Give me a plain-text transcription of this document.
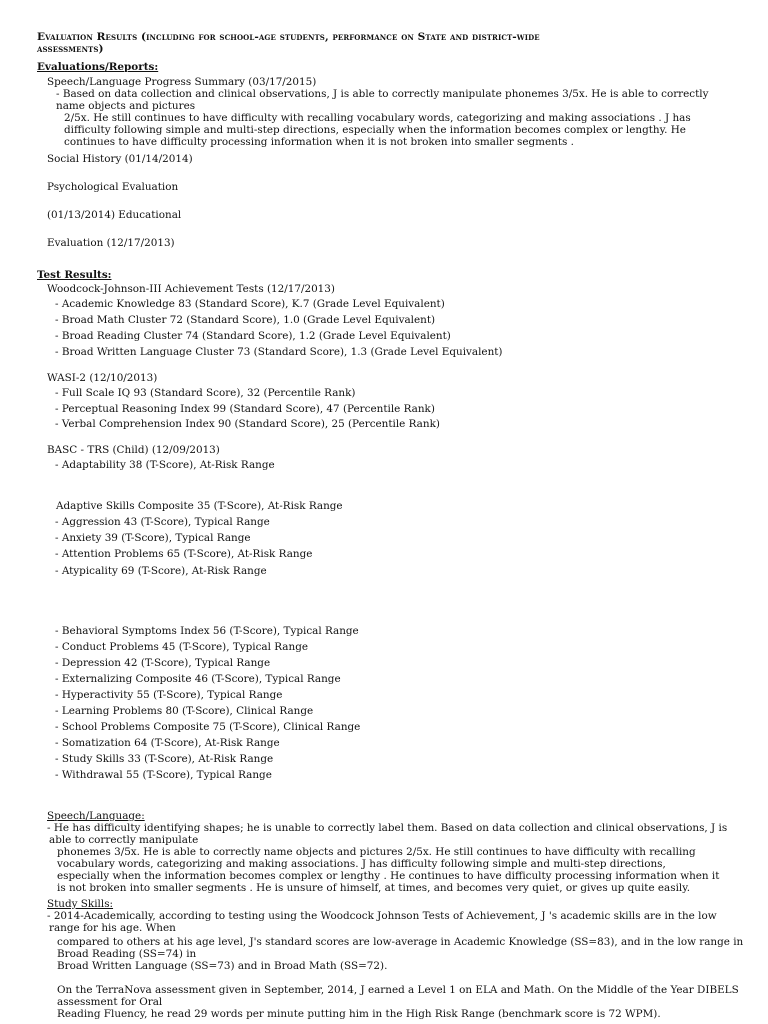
Evaluation Results (including for school-age students, performance on State and district-wide
assessments)
Evaluations/Reports:
Speech/Language Progress Summary (03/17/2015)
- Based on data collection and clinical observations, J is able to correctly manipulate phonemes 3/5x. He is able to correctly
name objects and pictures
2/5x. He still continues to have difficulty with recalling vocabulary words, categorizing and making associations . J has
difficulty following simple and multi-step directions, especially when the information becomes complex or lengthy. He
continues to have difficulty processing information when it is not broken into smaller segments .
Social History (01/14/2014)
Psychological Evaluation
(01/13/2014) Educational
Evaluation (12/17/2013)
Test Results:
Woodcock-Johnson-III Achievement Tests (12/17/2013)
- Academic Knowledge 83 (Standard Score), K.7 (Grade Level Equivalent)
- Broad Math Cluster 72 (Standard Score), 1.0 (Grade Level Equivalent)
- Broad Reading Cluster 74 (Standard Score), 1.2 (Grade Level Equivalent)
- Broad Written Language Cluster 73 (Standard Score), 1.3 (Grade Level Equivalent)
WASI-2 (12/10/2013)
- Full Scale IQ 93 (Standard Score), 32 (Percentile Rank)
- Perceptual Reasoning Index 99 (Standard Score), 47 (Percentile Rank)
- Verbal Comprehension Index 90 (Standard Score), 25 (Percentile Rank)
BASC - TRS (Child) (12/09/2013)
- Adaptability 38 (T-Score), At-Risk Range
Adaptive Skills Composite 35 (T-Score), At-Risk Range
- Aggression 43 (T-Score), Typical Range
- Anxiety 39 (T-Score), Typical Range
- Attention Problems 65 (T-Score), At-Risk Range
- Atypicality 69 (T-Score), At-Risk Range
- Behavioral Symptoms Index 56 (T-Score), Typical Range
- Conduct Problems 45 (T-Score), Typical Range
- Depression 42 (T-Score), Typical Range
- Externalizing Composite 46 (T-Score), Typical Range
- Hyperactivity 55 (T-Score), Typical Range
- Learning Problems 80 (T-Score), Clinical Range
- School Problems Composite 75 (T-Score), Clinical Range
- Somatization 64 (T-Score), At-Risk Range
- Study Skills 33 (T-Score), At-Risk Range
- Withdrawal 55 (T-Score), Typical Range
Speech/Language:
- He has difficulty identifying shapes; he is unable to correctly label them. Based on data collection and clinical observations, J is
able to correctly manipulate
phonemes 3/5x. He is able to correctly name objects and pictures 2/5x. He still continues to have difficulty with recalling
vocabulary words, categorizing and making associations. J has difficulty following simple and multi-step directions,
especially when the information becomes complex or lengthy . He continues to have difficulty processing information when it
is not broken into smaller segments . He is unsure of himself, at times, and becomes very quiet, or gives up quite easily.
Study Skills:
- 2014-Academically, according to testing using the Woodcock Johnson Tests of Achievement, J 's academic skills are in the low
range for his age. When
compared to others at his age level, J's standard scores are low-average in Academic Knowledge (SS=83), and in the low range in
Broad Reading (SS=74) in
Broad Written Language (SS=73) and in Broad Math (SS=72).
On the TerraNova assessment given in September, 2014, J earned a Level 1 on ELA and Math. On the Middle of the Year DIBELS
assessment for Oral
Reading Fluency, he read 29 words per minute putting him in the High Risk Range (benchmark score is 72 WPM).
